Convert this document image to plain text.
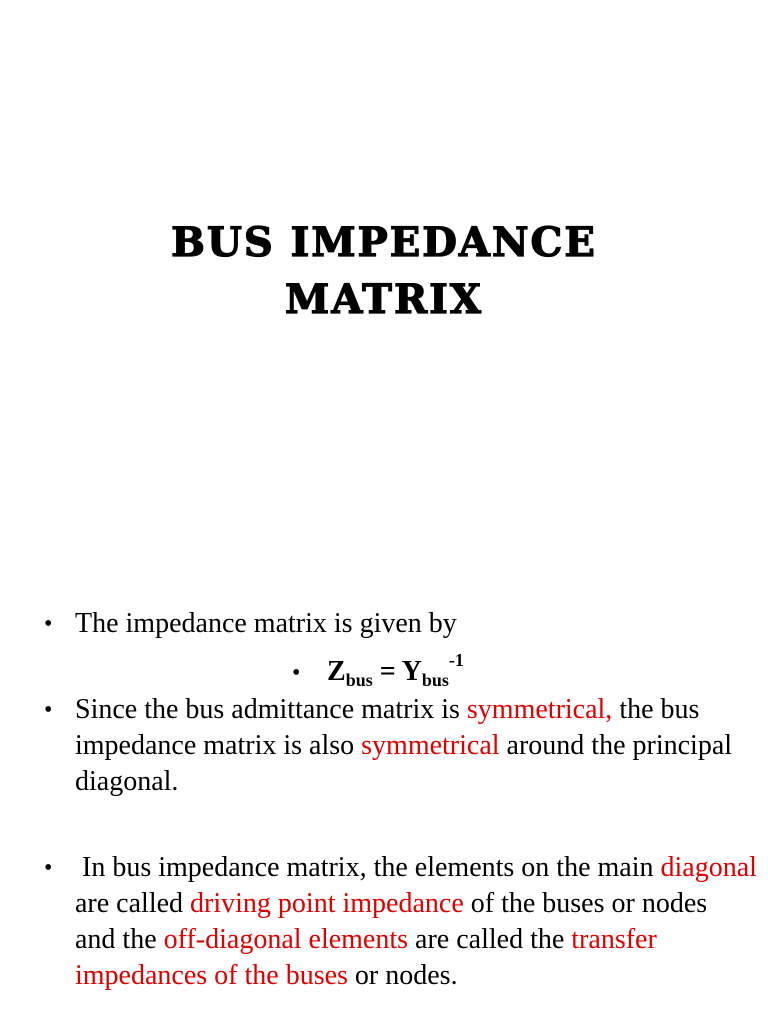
BUS IMPEDANCE
MATRIX
• The impedance matrix is given by
• $Z_{bus} = Y_{bus}^{-1}$
• Since the bus admittance matrix is symmetrical, the bus impedance matrix is also symmetrical around the principal diagonal.
• In bus impedance matrix, the elements on the main diagonal are called driving point impedance of the buses or nodes and the off-diagonal elements are called the transfer impedances of the buses or nodes.
